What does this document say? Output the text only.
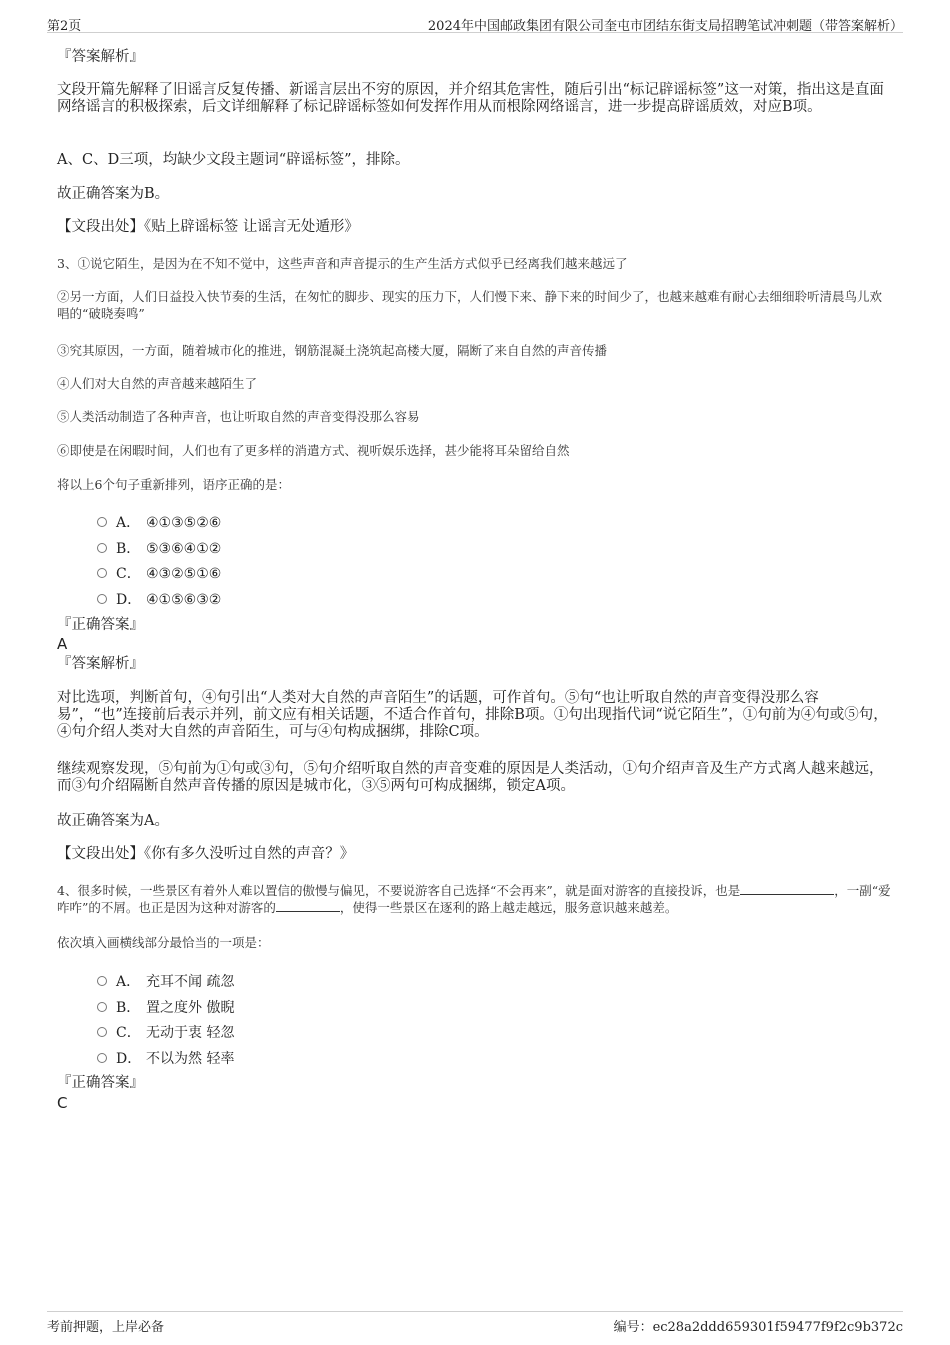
第2页	2024年中国邮政集团有限公司奎屯市团结东街支局招聘笔试冲刺题（带答案解析）

『答案解析』

文段开篇先解释了旧谣言反复传播、新谣言层出不穷的原因，并介绍其危害性，随后引出“标记辟谣标签”这一对策，指出这是直面网络谣言的积极探索，后文详细解释了标记辟谣标签如何发挥作用从而根除网络谣言，进一步提高辟谣质效，对应B项。

A、C、D三项，均缺少文段主题词“辟谣标签”，排除。

故正确答案为B。

【文段出处】《贴上辟谣标签 让谣言无处遁形》

3、①说它陌生，是因为在不知不觉中，这些声音和声音提示的生产生活方式似乎已经离我们越来越远了

②另一方面，人们日益投入快节奏的生活，在匆忙的脚步、现实的压力下，人们慢下来、静下来的时间少了，也越来越难有耐心去细细聆听清晨鸟儿欢唱的“破晓奏鸣”

③究其原因，一方面，随着城市化的推进，钢筋混凝土浇筑起高楼大厦，隔断了来自自然的声音传播

④人们对大自然的声音越来越陌生了

⑤人类活动制造了各种声音，也让听取自然的声音变得没那么容易

⑥即使是在闲暇时间，人们也有了更多样的消遣方式、视听娱乐选择，甚少能将耳朵留给自然

将以上6个句子重新排列，语序正确的是：

A． ④①③⑤②⑥
B． ⑤③⑥④①②
C． ④③②⑤①⑥
D． ④①⑤⑥③②

『正确答案』

A

『答案解析』

对比选项，判断首句，④句引出“人类对大自然的声音陌生”的话题，可作首句。⑤句“也让听取自然的声音变得没那么容易”，“也”连接前后表示并列，前文应有相关话题，不适合作首句，排除B项。①句出现指代词“说它陌生”，①句前为④句或⑤句，④句介绍人类对大自然的声音陌生，可与④句构成捆绑，排除C项。

继续观察发现，⑤句前为①句或③句，⑤句介绍听取自然的声音变难的原因是人类活动，①句介绍声音及生产方式离人越来越远，而③句介绍隔断自然声音传播的原因是城市化，③⑤两句可构成捆绑，锁定A项。

故正确答案为A。

【文段出处】《你有多久没听过自然的声音？》

4、很多时候，一些景区有着外人难以置信的傲慢与偏见，不要说游客自己选择“不会再来”，就是面对游客的直接投诉，也是	，一副“爱咋咋”的不屑。也正是因为这种对游客的	，使得一些景区在逐利的路上越走越远，服务意识越来越差。

依次填入画横线部分最恰当的一项是：

A． 充耳不闻 疏忽
B． 置之度外 傲睨
C． 无动于衷 轻忽
D． 不以为然 轻率

『正确答案』

C
考前押题，上岸必备	编号：ec28a2ddd659301f59477f9f2c9b372c
